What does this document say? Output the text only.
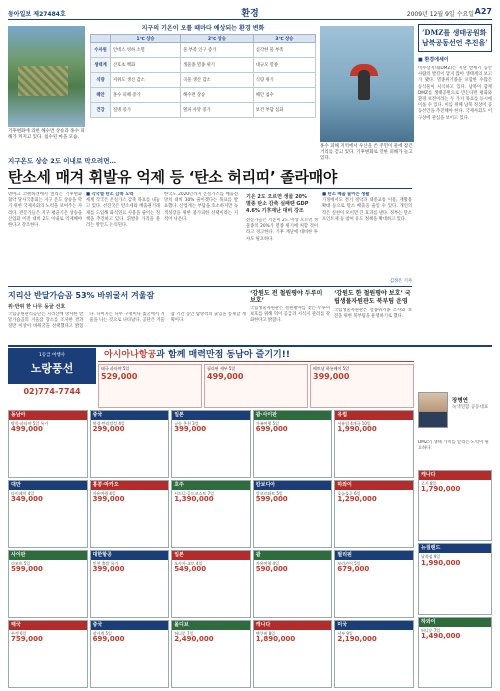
동아일보 제27484호	환경	2009년 12월 9일 수요일 A27
기후변화에 의한 해수면 상승과 홍수 피해가 커지고 있다. 침수된 마을 모습.
홍수 피해 지역에서 우산을 쓴 주민이 물에 잠긴 거리를 걷고 있다. 기후변화로 인한 피해가 늘고 있다.
지구의 기온이 오를 때마다 예상되는 환경 변화
	1℃ 상승	2℃ 상승	3℃ 상승
수자원	안데스 빙하 소멸	물 부족 인구 증가	심각한 물 부족
생태계	산호초 백화	생물종 멸종 위기	대규모 멸종
식량	저위도 생산 감소	곡물 생산 감소	식량 위기
해안	홍수 피해 증가	해수면 상승	해안 침수
건강	질병 증가	열파 사망 증가	보건 부담 심화
‘DMZ를 생태공원화
남북공동선언 추진을’
■ 환경에세이
비무장지대(DMZ)는 지난 반세기 동안 사람의 발길이 닿지 않아 생태계의 보고가 됐다. 멸종위기종을 포함한 수많은 동식물이 서식하고 있다. 남북이 함께 DMZ를 생태공원으로 만든다면 평화와 환경 보전이라는 두 가지 목표를 동시에 이룰 수 있다. 이를 위해 남북 정상이 공동선언을 추진해야 한다. 국제사회도 이 구상에 관심을 보이고 있다.
장병연
녹색연합 공동대표
DMZ의 생태 가치를 알리는 노력이 필요하다.
지구온도 상승 2도 이내로 막으려면…
탄소세 매겨 휘발유 억제 등 ‘탄소 허리띠’ 졸라매야
덴마크 코펜하겐에서 열리는 기후변화협약 당사국총회는 지구 온도 상승을 막기 위한 국제사회의 노력을 보여주는 자리다. 전문가들은 지구 평균기온 상승을 산업화 이전 대비 2도 이내로 억제해야 한다고 강조한다.
■ 각국별 탄소 감축 노력
세계 각국은 온실가스 감축 목표를 내놓고 있다. 선진국은 탄소세와 배출권거래제를 도입해 화석연료 사용을 줄이는 정책을 추진하고 있다. 휘발유 가격을 올리는 방안도 논의된다.
한국도 2020년까지 온실가스를 배출전망치 대비 30% 줄이겠다는 목표를 발표했다. 산업계는 부담을 호소하지만 녹색성장을 위한 불가피한 선택이라는 지적이 나온다.
기온 2도 오르면 생물 20% 멸종 탄소 감축 실패땐 GDP 4.6% 기후재난 대비 강조
전문가들은 기온이 2도 이상 오르면 생물종의 20%가 멸종 위기에 처할 것이라고 경고한다. 기후 재난에 대비한 투자도 필요하다.
■ 탄소 배출 줄이는 생활
가정에서도 전기 절약과 대중교통 이용, 재활용 확대 등으로 탄소 배출을 줄일 수 있다. 개인의 작은 실천이 모이면 큰 효과를 낸다. 정부는 탄소포인트제 등 참여 유도 정책을 확대하고 있다.
김정은 기자
지리산 반달가슴곰 53% 바위굴서 겨울잠
위·반위 한 나무 동굴 선호
국립공원관리공단은 지리산에 방사한 반달가슴곰의 겨울잠 장소를 조사한 결과 절반 이상이 바위굴을 선택했다고 밝혔다. 나머지는 나무 구멍이나 흙굴에서 겨울을 나는 것으로 나타났다. 공단은 겨울잠 기간 동안 탐방객의 출입을 통제할 계획이다.
‘강원도 전 철원평야 두루미 보호’
국립생물자원관은 철원평야를 찾는 두루미 보호를 위해 먹이 공급과 서식지 관리를 강화한다고 밝혔다.
‘강원도 한 철원평야 보호’ 국립생물자원관도 북부팀 운영
국립생물자원관은 멸종위기종 조사와 보전을 위한 북부팀을 운영하기로 했다.
1등급 여행사
노랑풍선
02)774-7744
아시아나항공과 함께 매력만점 동남아 즐기기!!
태국 파타야 5일
529,000
필리핀 세부 5일
499,000
베트남 하롱베이 5일
399,000
동남아
방콕·파타야 5일 특가
499,000
중국
북경·만리장성 4일
299,000
일본
규슈 온천 3일
399,000
괌·사이판
가족여행 5일
699,000
유럽
서유럽 4개국 10일
1,990,000
대만
타이페이 4일
349,000
홍콩·마카오
자유여행 4일
399,000
호주
시드니·골드코스트 7일
1,390,000
캄보디아
앙코르와트 5일
599,000
하와이
호놀룰루 6일
1,290,000
사이판
리조트 5일
599,000
대한항공
인천 출발 특가
399,000
일본
오사카·교토 4일
549,000
괌
자유여행 4일
590,000
필리핀
보라카이 5일
679,000
태국
푸켓 6일
759,000
중국
장가계 5일
699,000
몰디브
허니문 7일
2,490,000
캐나다
밴쿠버 8일
1,890,000
미국
서부 9일
2,190,000
캐나다
로키 8일
1,790,000
뉴질랜드
남북섬 9일
1,990,000
하와이
허니문 7일
1,490,000
